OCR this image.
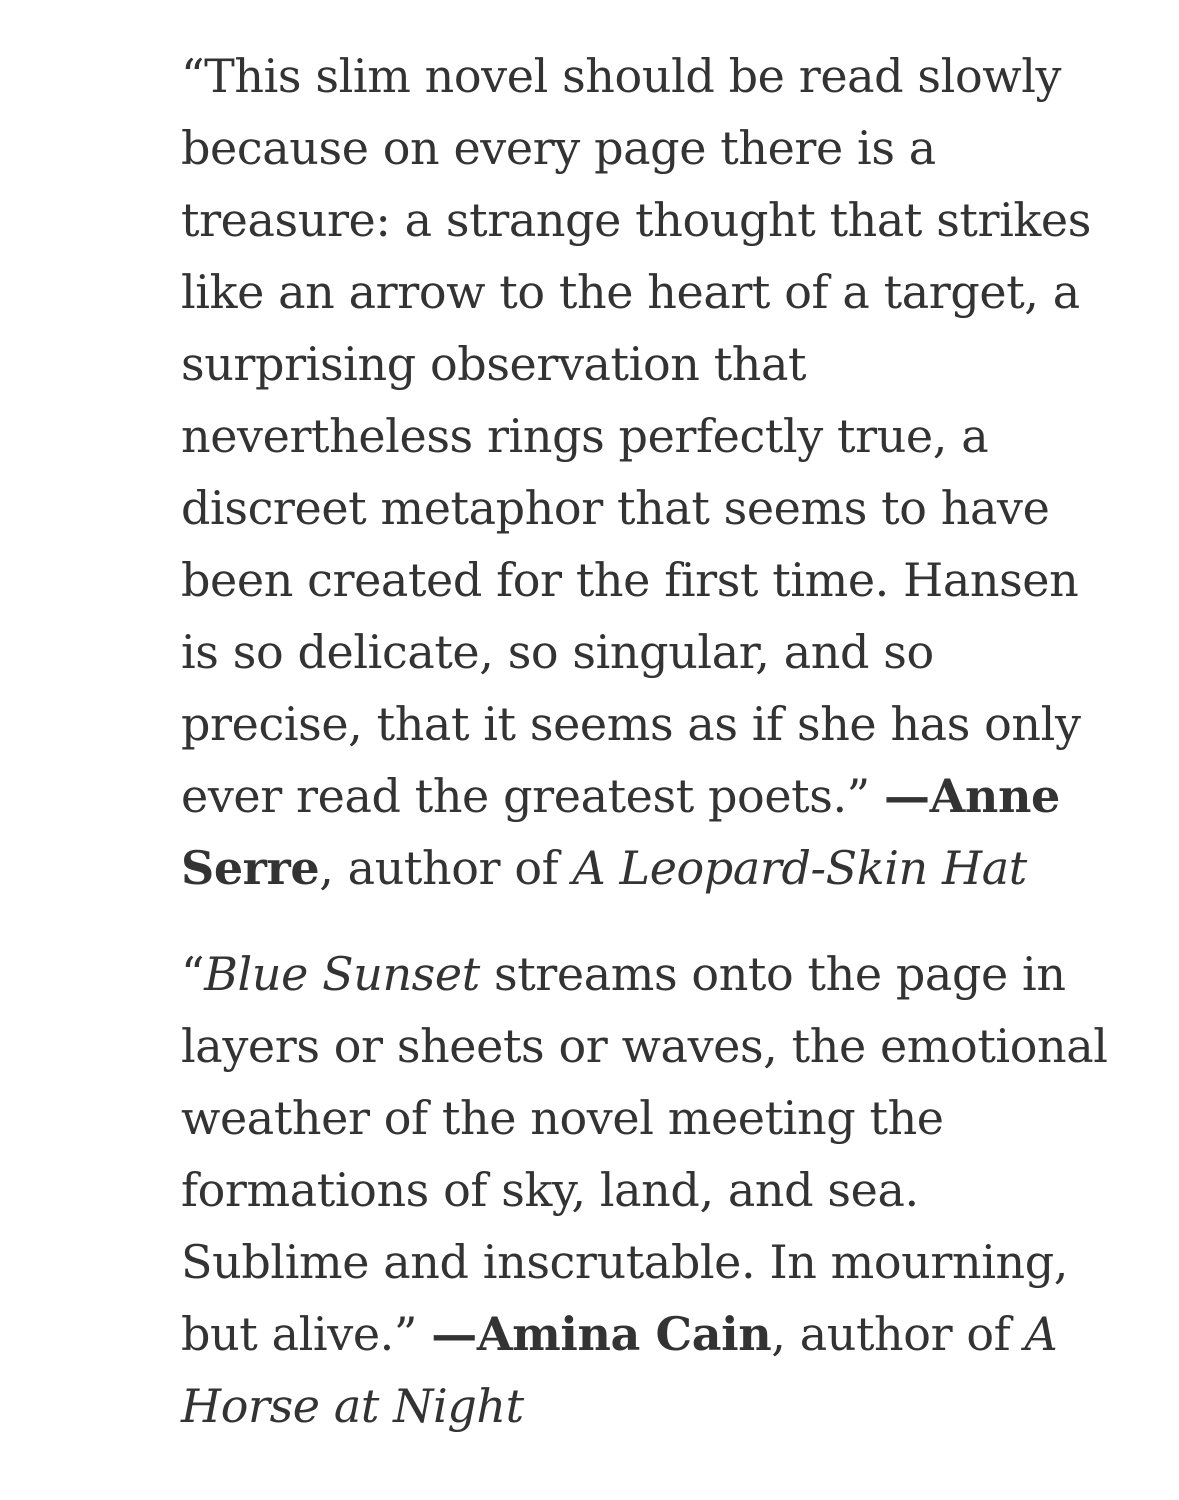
“This slim novel should be read slowly
because on every page there is a
treasure: a strange thought that strikes
like an arrow to the heart of a target, a
surprising observation that
nevertheless rings perfectly true, a
discreet metaphor that seems to have
been created for the first time. Hansen
is so delicate, so singular, and so
precise, that it seems as if she has only
ever read the greatest poets.” —Anne
Serre, author of A Leopard-Skin Hat

“Blue Sunset streams onto the page in
layers or sheets or waves, the emotional
weather of the novel meeting the
formations of sky, land, and sea.
Sublime and inscrutable. In mourning,
but alive.” —Amina Cain, author of A
Horse at Night
